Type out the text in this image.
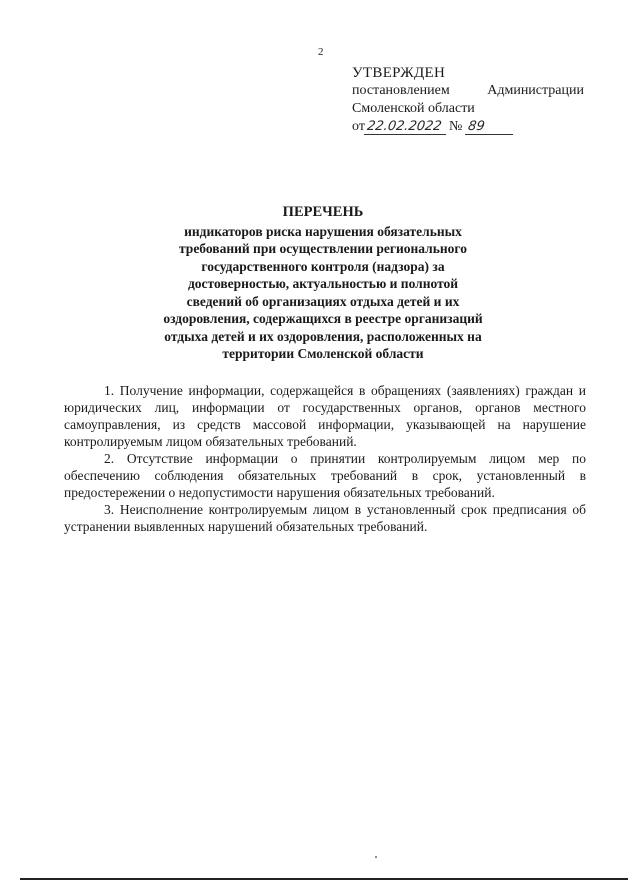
2
УТВЕРЖДЕН
постановлением	Администрации
Смоленской области
от 22.02.2022 № 89
ПЕРЕЧЕНЬ
индикаторов риска нарушения обязательных
требований при осуществлении регионального
государственного контроля (надзора) за
достоверностью, актуальностью и полнотой
сведений об организациях отдыха детей и их
оздоровления, содержащихся в реестре организаций
отдыха детей и их оздоровления, расположенных на
территории Смоленской области

1. Получение информации, содержащейся в обращениях (заявлениях) граждан и юридических лиц, информации от государственных органов, органов местного самоуправления, из средств массовой информации, указывающей на нарушение контролируемым лицом обязательных требований.

2. Отсутствие информации о принятии контролируемым лицом мер по обеспечению соблюдения обязательных требований в срок, установленный в предостережении о недопустимости нарушения обязательных требований.

3. Неисполнение контролируемым лицом в установленный срок предписания об устранении выявленных нарушений обязательных требований.
